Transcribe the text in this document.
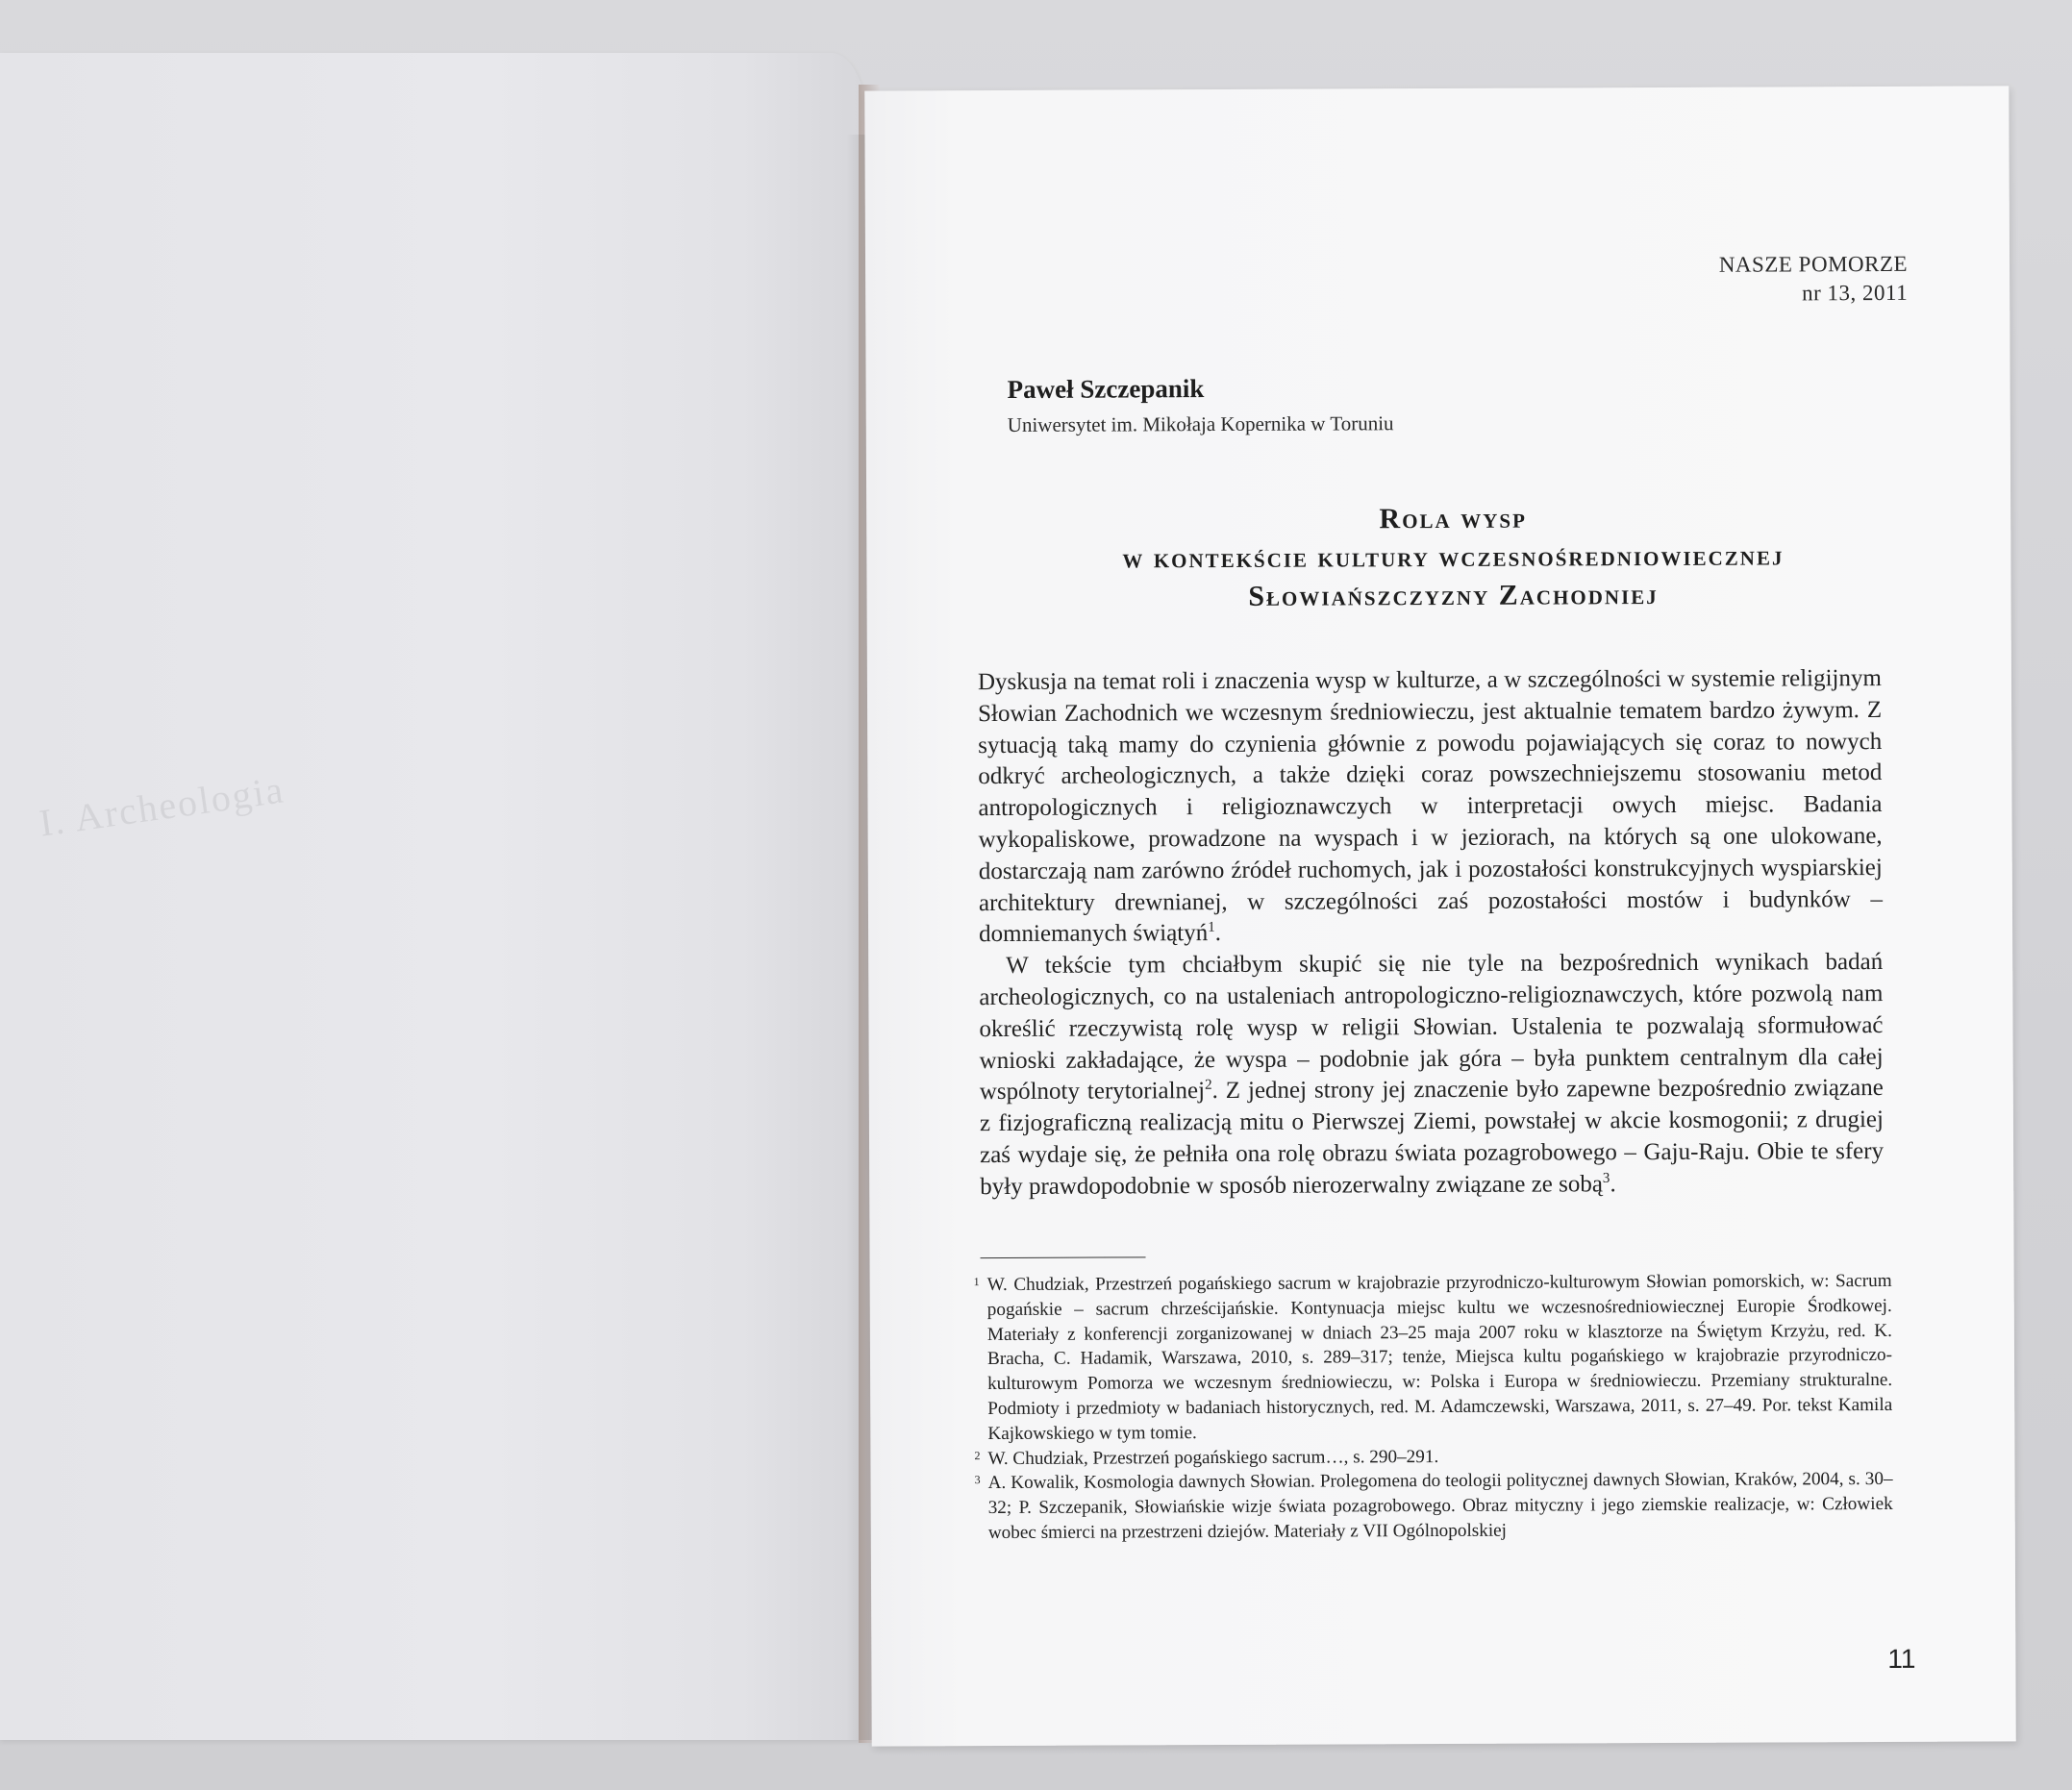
I. Archeologia
NASZE POMORZE
nr 13, 2011
Paweł Szczepanik
Uniwersytet im. Mikołaja Kopernika w Toruniu
Rola wysp
w kontekście kultury wczesnośredniowiecznej
Słowiańszczyzny Zachodniej

Dyskusja na temat roli i znaczenia wysp w kulturze, a w szczególności w systemie religijnym Słowian Zachodnich we wczesnym średniowieczu, jest aktualnie tematem bardzo żywym. Z sytuacją taką mamy do czynienia głównie z powodu pojawiających się coraz to nowych odkryć archeologicznych, a także dzięki coraz powszechniejszemu stosowaniu metod antropologicznych i religioznawczych w interpretacji owych miejsc. Badania wykopaliskowe, prowadzone na wyspach i w jeziorach, na których są one ulokowane, dostarczają nam zarówno źródeł ruchomych, jak i pozostałości konstrukcyjnych wyspiarskiej architektury drewnianej, w szczególności zaś pozostałości mostów i budynków – domniemanych świątyń$^1$.

W tekście tym chciałbym skupić się nie tyle na bezpośrednich wynikach badań archeologicznych, co na ustaleniach antropologiczno-religioznawczych, które pozwolą nam określić rzeczywistą rolę wysp w religii Słowian. Ustalenia te pozwalają sformułować wnioski zakładające, że wyspa – podobnie jak góra – była punktem centralnym dla całej wspólnoty terytorialnej$^2$. Z jednej strony jej znaczenie było zapewne bezpośrednio związane z fizjograficzną realizacją mitu o Pierwszej Ziemi, powstałej w akcie kosmogonii; z drugiej zaś wydaje się, że pełniła ona rolę obrazu świata pozagrobowego – Gaju-Raju. Obie te sfery były prawdopodobnie w sposób nierozerwalny związane ze sobą$^3$.

1 W. Chudziak, Przestrzeń pogańskiego sacrum w krajobrazie przyrodniczo-kulturowym Słowian pomorskich, w: Sacrum pogańskie – sacrum chrześcijańskie. Kontynuacja miejsc kultu we wczesnośredniowiecznej Europie Środkowej. Materiały z konferencji zorganizowanej w dniach 23–25 maja 2007 roku w klasztorze na Świętym Krzyżu, red. K. Bracha, C. Hadamik, Warszawa, 2010, s. 289–317; tenże, Miejsca kultu pogańskiego w krajobrazie przyrodniczo-kulturowym Pomorza we wczesnym średniowieczu, w: Polska i Europa w średniowieczu. Przemiany strukturalne. Podmioty i przedmioty w badaniach historycznych, red. M. Adamczewski, Warszawa, 2011, s. 27–49. Por. tekst Kamila Kajkowskiego w tym tomie.
2 W. Chudziak, Przestrzeń pogańskiego sacrum…, s. 290–291.
3 A. Kowalik, Kosmologia dawnych Słowian. Prolegomena do teologii politycznej dawnych Słowian, Kraków, 2004, s. 30–32; P. Szczepanik, Słowiańskie wizje świata pozagrobowego. Obraz mityczny i jego ziemskie realizacje, w: Człowiek wobec śmierci na przestrzeni dziejów. Materiały z VII Ogólnopolskiej
11
